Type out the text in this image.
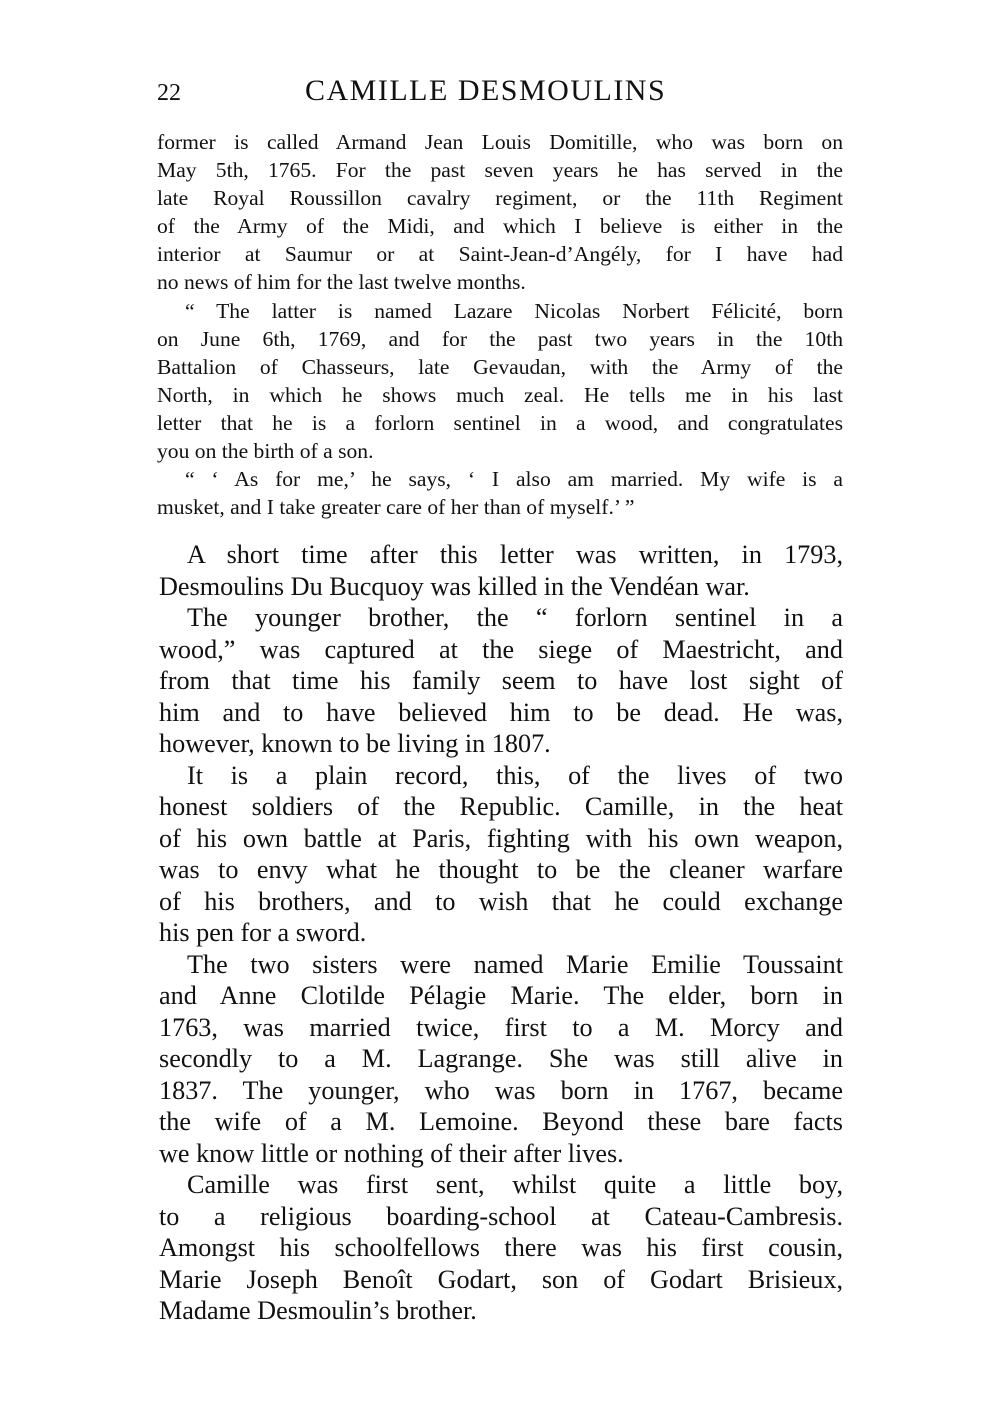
22	CAMILLE DESMOULINS
former is called Armand Jean Louis Domitille, who was born on
May 5th, 1765. For the past seven years he has served in the
late Royal Roussillon cavalry regiment, or the 11th Regiment
of the Army of the Midi, and which I believe is either in the
interior at Saumur or at Saint-Jean-d’Angély, for I have had
no news of him for the last twelve months.
“ The latter is named Lazare Nicolas Norbert Félicité, born
on June 6th, 1769, and for the past two years in the 10th
Battalion of Chasseurs, late Gevaudan, with the Army of the
North, in which he shows much zeal. He tells me in his last
letter that he is a forlorn sentinel in a wood, and congratulates
you on the birth of a son.
“ ‘ As for me,’ he says, ‘ I also am married. My wife is a
musket, and I take greater care of her than of myself.’ ”
A short time after this letter was written, in 1793,
Desmoulins Du Bucquoy was killed in the Vendéan war.
The younger brother, the “ forlorn sentinel in a
wood,” was captured at the siege of Maestricht, and
from that time his family seem to have lost sight of
him and to have believed him to be dead. He was,
however, known to be living in 1807.
It is a plain record, this, of the lives of two
honest soldiers of the Republic. Camille, in the heat
of his own battle at Paris, fighting with his own weapon,
was to envy what he thought to be the cleaner warfare
of his brothers, and to wish that he could exchange
his pen for a sword.
The two sisters were named Marie Emilie Toussaint
and Anne Clotilde Pélagie Marie. The elder, born in
1763, was married twice, first to a M. Morcy and
secondly to a M. Lagrange. She was still alive in
1837. The younger, who was born in 1767, became
the wife of a M. Lemoine. Beyond these bare facts
we know little or nothing of their after lives.
Camille was first sent, whilst quite a little boy,
to a religious boarding-school at Cateau-Cambresis.
Amongst his schoolfellows there was his first cousin,
Marie Joseph Benoît Godart, son of Godart Brisieux,
Madame Desmoulin’s brother.
